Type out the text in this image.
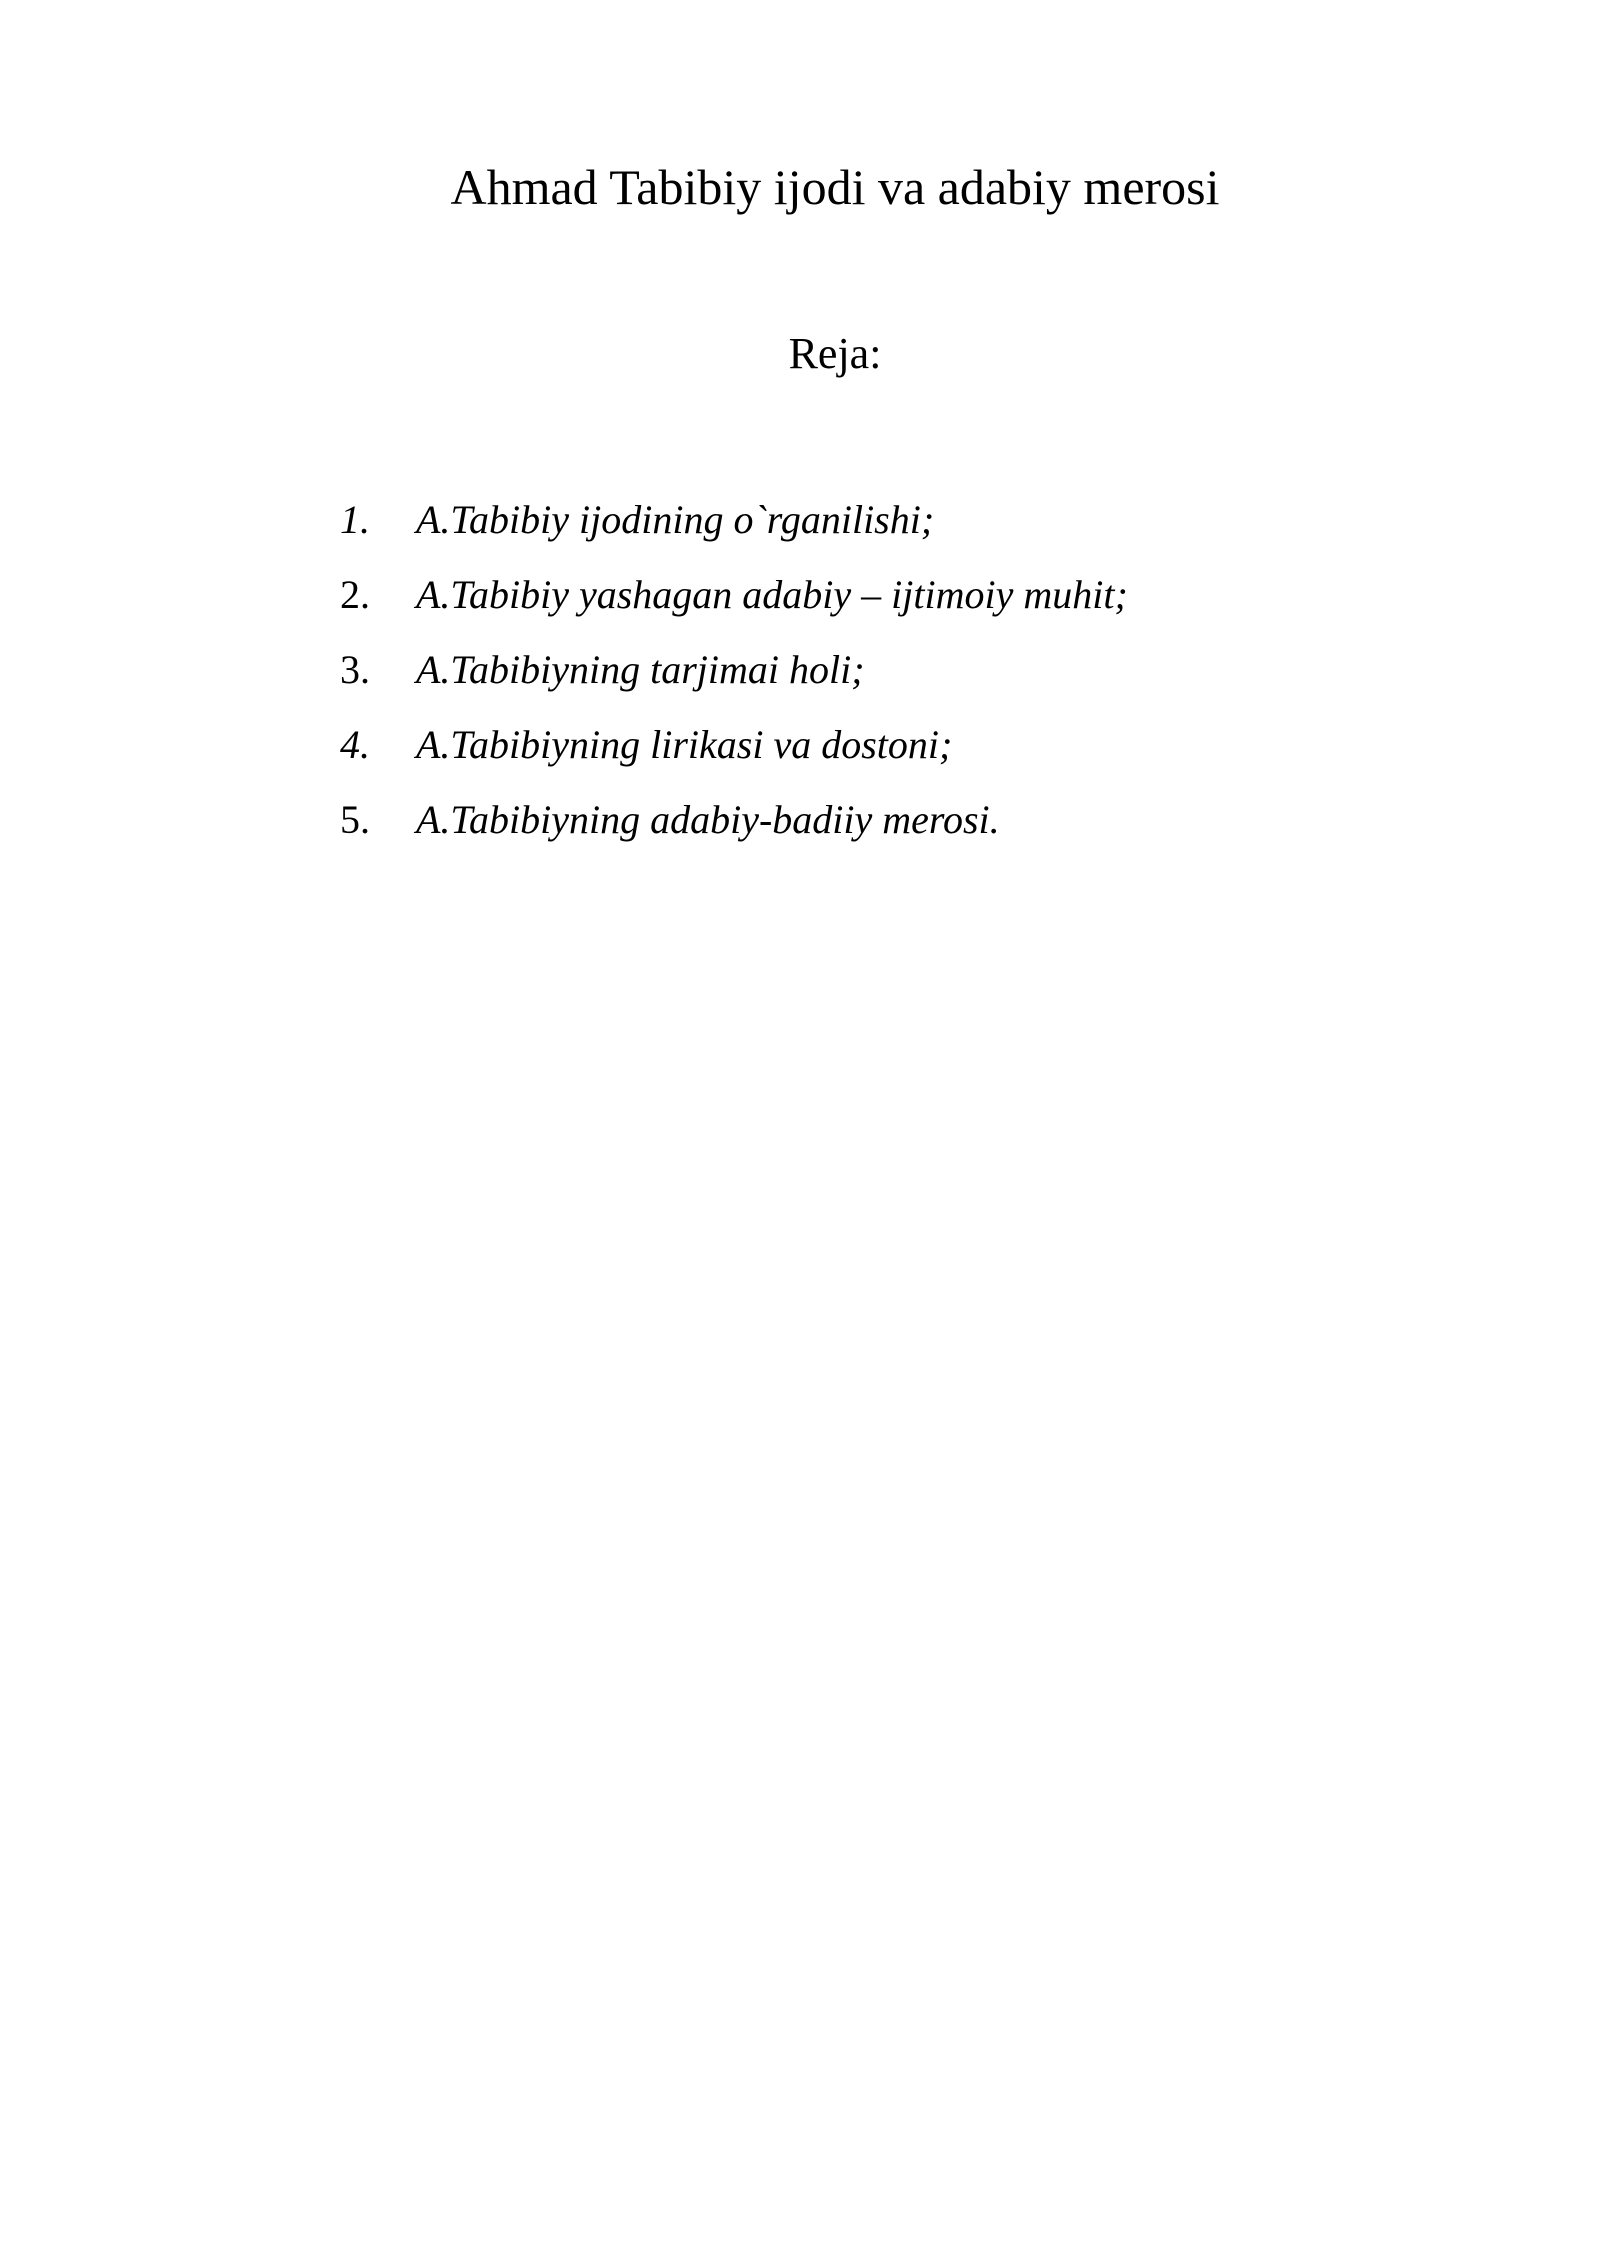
Ahmad Tabibiy ijodi va adabiy merosi
Reja:
1.	A.Tabibiy ijodining o`rganilishi;
2.	A.Tabibiy yashagan adabiy – ijtimoiy muhit;
3.	A.Tabibiyning tarjimai holi;
4.	A.Tabibiyning lirikasi va dostoni;
5.	A.Tabibiyning adabiy-badiiy merosi.
